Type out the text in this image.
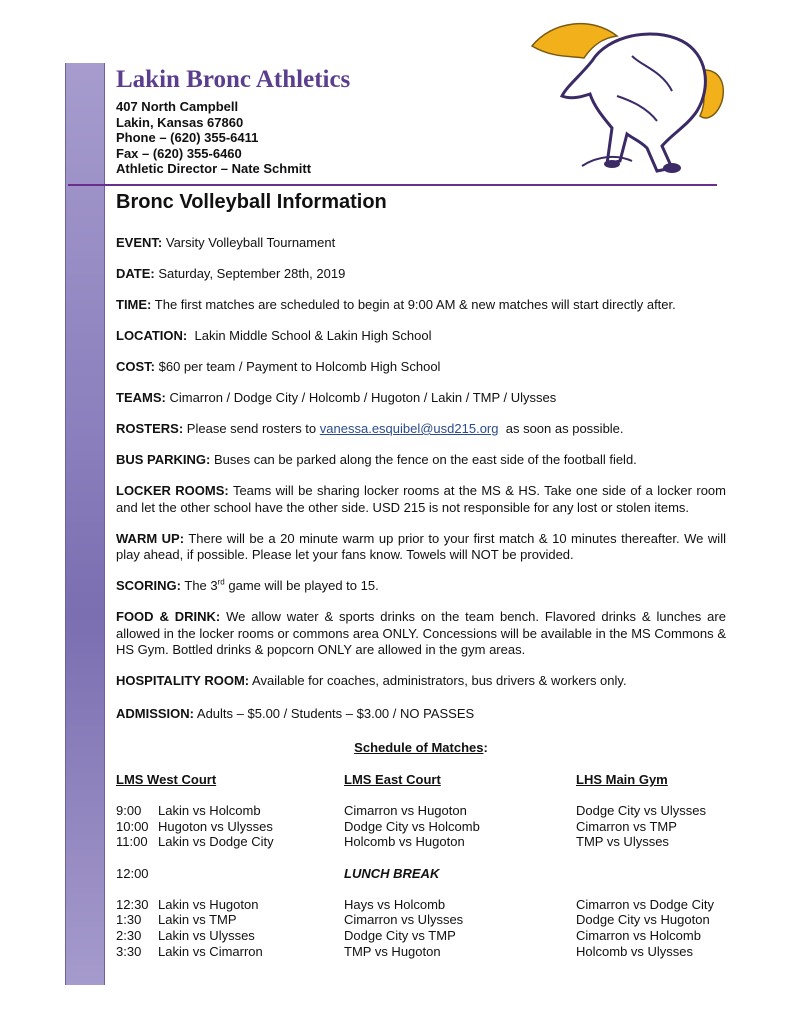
Lakin Bronc Athletics
407 North Campbell
Lakin, Kansas 67860
Phone – (620) 355-6411
Fax – (620) 355-6460
Athletic Director – Nate Schmitt
Bronc Volleyball Information

EVENT: Varsity Volleyball Tournament

DATE: Saturday, September 28th, 2019

TIME: The first matches are scheduled to begin at 9:00 AM & new matches will start directly after.

LOCATION: Lakin Middle School & Lakin High School

COST: $60 per team / Payment to Holcomb High School

TEAMS: Cimarron / Dodge City / Holcomb / Hugoton / Lakin / TMP / Ulysses

ROSTERS: Please send rosters to vanessa.esquibel@usd215.org as soon as possible.

BUS PARKING: Buses can be parked along the fence on the east side of the football field.

LOCKER ROOMS: Teams will be sharing locker rooms at the MS & HS. Take one side of a locker room and let the other school have the other side. USD 215 is not responsible for any lost or stolen items.

WARM UP: There will be a 20 minute warm up prior to your first match & 10 minutes thereafter. We will play ahead, if possible. Please let your fans know. Towels will NOT be provided.

SCORING: The 3rd game will be played to 15.

FOOD & DRINK: We allow water & sports drinks on the team bench. Flavored drinks & lunches are allowed in the locker rooms or commons area ONLY. Concessions will be available in the MS Commons & HS Gym. Bottled drinks & popcorn ONLY are allowed in the gym areas.

HOSPITALITY ROOM: Available for coaches, administrators, bus drivers & workers only.

ADMISSION: Adults – $5.00 / Students – $3.00 / NO PASSES

Schedule of Matches:
LMS West Court	LMS East Court	LHS Main Gym
9:00	Lakin vs Holcomb	Cimarron vs Hugoton	Dodge City vs Ulysses
10:00 Hugoton vs Ulysses	Dodge City vs Holcomb	Cimarron vs TMP
11:00 Lakin vs Dodge City	Holcomb vs Hugoton	TMP vs Ulysses
12:00	LUNCH BREAK
12:30 Lakin vs Hugoton	Hays vs Holcomb	Cimarron vs Dodge City
1:30	Lakin vs TMP	Cimarron vs Ulysses	Dodge City vs Hugoton
2:30	Lakin vs Ulysses	Dodge City vs TMP	Cimarron vs Holcomb
3:30	Lakin vs Cimarron	TMP vs Hugoton	Holcomb vs Ulysses
